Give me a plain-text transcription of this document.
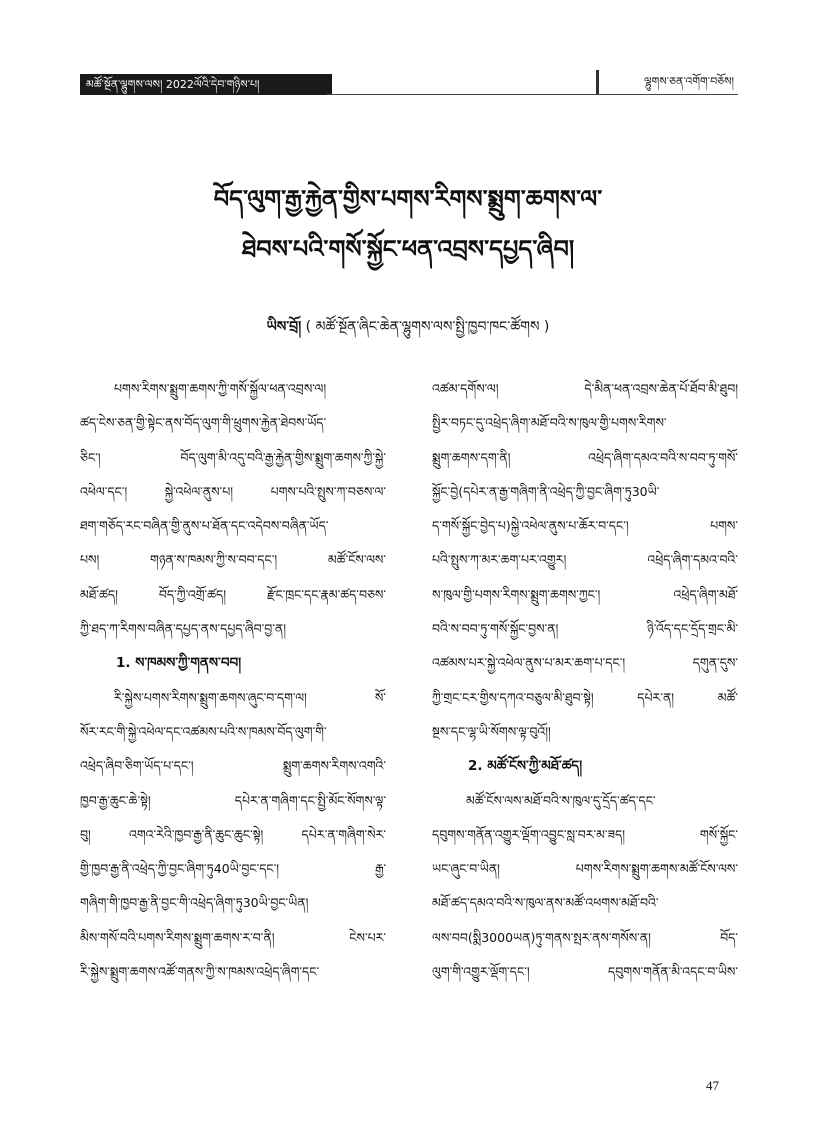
མཚོ་སྔོན་ལྷུགས་ལས། 2022ལོའི་དེབ་གཉིས་པ།	ལྷུགས་ཅན་འགོག་བཅོས།
བོད་ལུག་རྒྱ་རྐྱེན་གྱིས་པགས་རིགས་སྨྲུག་ཆགས་ལ་
ཐེབས་པའི་གསོ་སྐྱོང་ཕན་འབྲས་དཔྱད་ཞིབ།
ཡིས་བྲོ། ( མཚོ་སྔོན་ཞིང་ཆེན་ལྷུགས་ལས་སྤྱི་ཁྱབ་ཁང་ཚོགས )
པགས་རིགས་སྨྲུག་ཆགས་ཀྱི་གསོ་སྐྱོལ་ཕན་འབྲས་ལ།
ཚད་ངེས་ཅན་གྱི་སྟེང་ནས་བོད་ལུག་གི་ཕྲུགས་རྐྱེན་ཐེབས་ཡོད་
ཅིང་། བོད་ལུག་མི་འདུ་བའི་རྒྱ་རྐྱེན་གྱིས་སྨྲུག་ཆགས་ཀྱི་སྐྱེ་
འཕེལ་དང་། སྐྱེ་འཕེལ་ནུས་པ། པགས་པའི་སྤུས་ཀ་བཅས་ལ་
ཐག་གཅོད་རང་བཞིན་གྱི་ནུས་པ་ཐོན་དང་འདེབས་བཞིན་ཡོད་
པས། གཉན་ས་ཁམས་ཀྱི་ས་བབ་དང་། མཚོ་ངོས་ལས་
མཐོ་ཚད། བོད་ཀྱི་འགྲོ་ཚད། རྫོང་ཁྲང་དང་རྣམ་ཚད་བཅས་
ཀྱི་ཐད་ཀ་རིགས་བཞིན་དཔྱད་ནས་དཔྱད་ཞིབ་བྱ་ན།
1. ས་ཁམས་ཀྱི་གནས་བབ།
རི་སྐྱེས་པགས་རིགས་སྨྲུག་ཆགས་ཞུང་བ་དག་ལ། སོ་
སོར་རང་གི་སྐྱེ་འཕེལ་དང་འཚམས་པའི་ས་ཁམས་བོད་ལུག་གི་
འཕྲེད་ཞིབ་ཅིག་ཡོད་པ་དང་། སྨྲུག་ཆགས་རིགས་འགའི་
ཁྱབ་རྒྱ་ཆུང་ཆེ་སྟེ། དཔེར་ན་གཞིག་དང་སྤྱི་མོང་སོགས་ལྟ་
བུ། འགའ་རེའི་ཁྱབ་རྒྱ་ནི་ཆུང་ཆུང་སྟེ། དཔེར་ན་གཞིག་སེར་
གྱི་ཁྱབ་རྒྱ་ནི་འཕྲེད་ཀྱི་བྱང་ཞིག་ཏུ40ཡི་བྱང་དང་། རྒྱ་
གཞིག་གི་ཁྱབ་རྒྱ་ནི་བྱང་གི་འཕྲེད་ཞིག་ཏུ30ཡི་བྱང་ཡིན།
མིས་གསོ་བའི་པགས་རིགས་སྨྲུག་ཆགས་ར་བ་ནི། ངེས་པར་
རི་སྐྱེས་སྨྲུག་ཆགས་འཚོ་གནས་ཀྱི་ས་ཁམས་འཕྲེད་ཞིག་དང་
འཚམ་དགོས་ལ། དེ་མིན་ཕན་འབྲས་ཆེན་པོ་ཐོབ་མི་ཐུབ།
སྤྱིར་བཏང་དུ་འཕྲེད་ཞིག་མཐོ་བའི་ས་ཁུལ་གྱི་པགས་རིགས་
སྨྲུག་ཆགས་དག་ནི། འཕྲེད་ཞིག་དམའ་བའི་ས་བབ་ཏུ་གསོ་
སྐྱོང་བྱེ(དཔེར་ན་རྒྱ་གཞིག་ནི་འཕྲེད་ཀྱི་བྱང་ཞིག་ཏུ30ཡི་
ད་གསོ་སྐྱོང་བྱེད་པ)སྐྱེ་འཕེལ་ནུས་པ་ཆོར་བ་དང་། པགས་
པའི་སྤུས་ཀ་མར་ཆག་པར་འགྱུར། འཕྲེད་ཞིག་དམའ་བའི་
ས་ཁུལ་གྱི་པགས་རིགས་སྨྲུག་ཆགས་ཀྱང་། འཕྲེད་ཞིག་མཐོ་
བའི་ས་བབ་ཏུ་གསོ་སྐྱོང་བྱས་ན། ཉི་འོད་དང་དྲོད་གྲང་མི་
འཚམས་པར་སྐྱེ་འཕེལ་ནུས་པ་མར་ཆག་པ་དང་། དགུན་དུས་
ཀྱི་གྲང་ངར་གྱིས་དཀའ་བཅུལ་མི་ཐུབ་སྟེ། དཔེར་ན། མཚོ་
སྔས་དང་ལྷ་ཡི་སོགས་ལྟ་བུའོ།།
2. མཚོ་ངོས་ཀྱི་མཐོ་ཚད།
མཚོ་ངོས་ལས་མཐོ་བའི་ས་ཁུལ་དུ་དྲོད་ཚད་དང་
དབུགས་གནོན་འགྱུར་ལྡོག་འབྱུང་སླ་བར་མ་ཟད། གསོ་སྐྱོང་
ཡང་ཞུང་བ་ཡིན། པགས་རིགས་སྨྲུག་ཆགས་མཚོ་ངོས་ལས་
མཐོ་ཚད་དམའ་བའི་ས་ཁུལ་ནས་མཚོ་འཕགས་མཐོ་བའི་
ལས་བབ(སྨི3000ཡན)ཏུ་གནས་སྤར་ནས་གསོས་ན། བོད་
ལུག་གི་འགྱུར་ལྡོག་དང་། དབུགས་གནོན་མི་འདང་བ་ཡིས་
47
